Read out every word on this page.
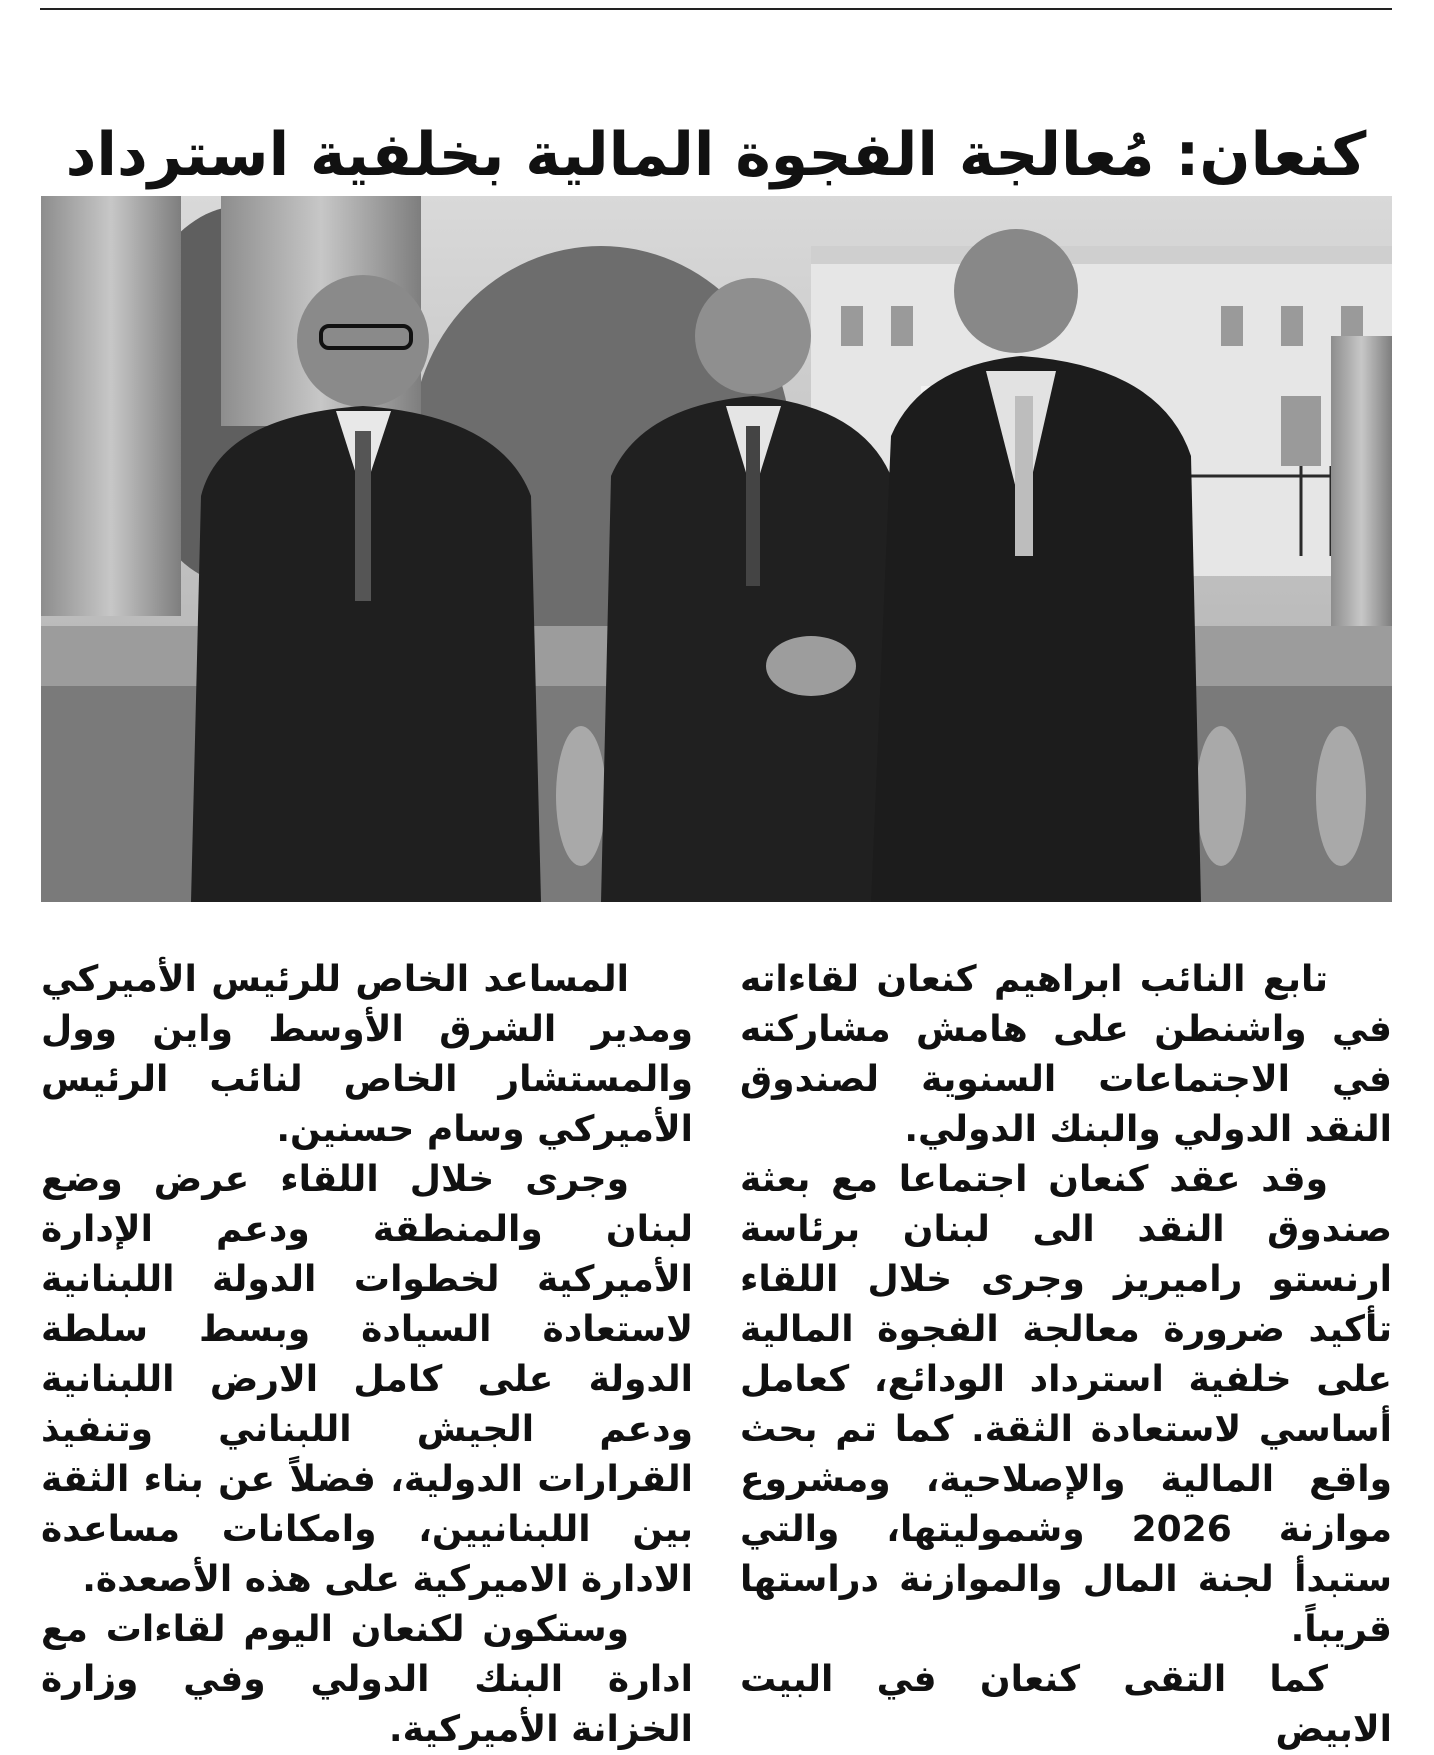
كنعان: مُعالجة الفجوة المالية بخلفية استرداد

تابع النائب ابراهيم كنعان لقاءاته في واشنطن على هامش مشاركته في الاجتماعات السنوية لصندوق النقد الدولي والبنك الدولي.

وقد عقد كنعان اجتماعا مع بعثة صندوق النقد الى لبنان برئاسة ارنستو راميريز وجرى خلال اللقاء تأكيد ضرورة معالجة الفجوة المالية على خلفية استرداد الودائع، كعامل أساسي لاستعادة الثقة. كما تم بحث واقع المالية والإصلاحية، ومشروع موازنة 2026 وشموليتها، والتي ستبدأ لجنة المال والموازنة دراستها قريباً.

كما التقى كنعان في البيت الابيض

المساعد الخاص للرئيس الأميركي ومدير الشرق الأوسط واين وول والمستشار الخاص لنائب الرئيس الأميركي وسام حسنين.

وجرى خلال اللقاء عرض وضع لبنان والمنطقة ودعم الإدارة الأميركية لخطوات الدولة اللبنانية لاستعادة السيادة وبسط سلطة الدولة على كامل الارض اللبنانية ودعم الجيش اللبناني وتنفيذ القرارات الدولية، فضلاً عن بناء الثقة بين اللبنانيين، وامكانات مساعدة الادارة الاميركية على هذه الأصعدة.

وستكون لكنعان اليوم لقاءات مع ادارة البنك الدولي وفي وزارة الخزانة الأميركية.
